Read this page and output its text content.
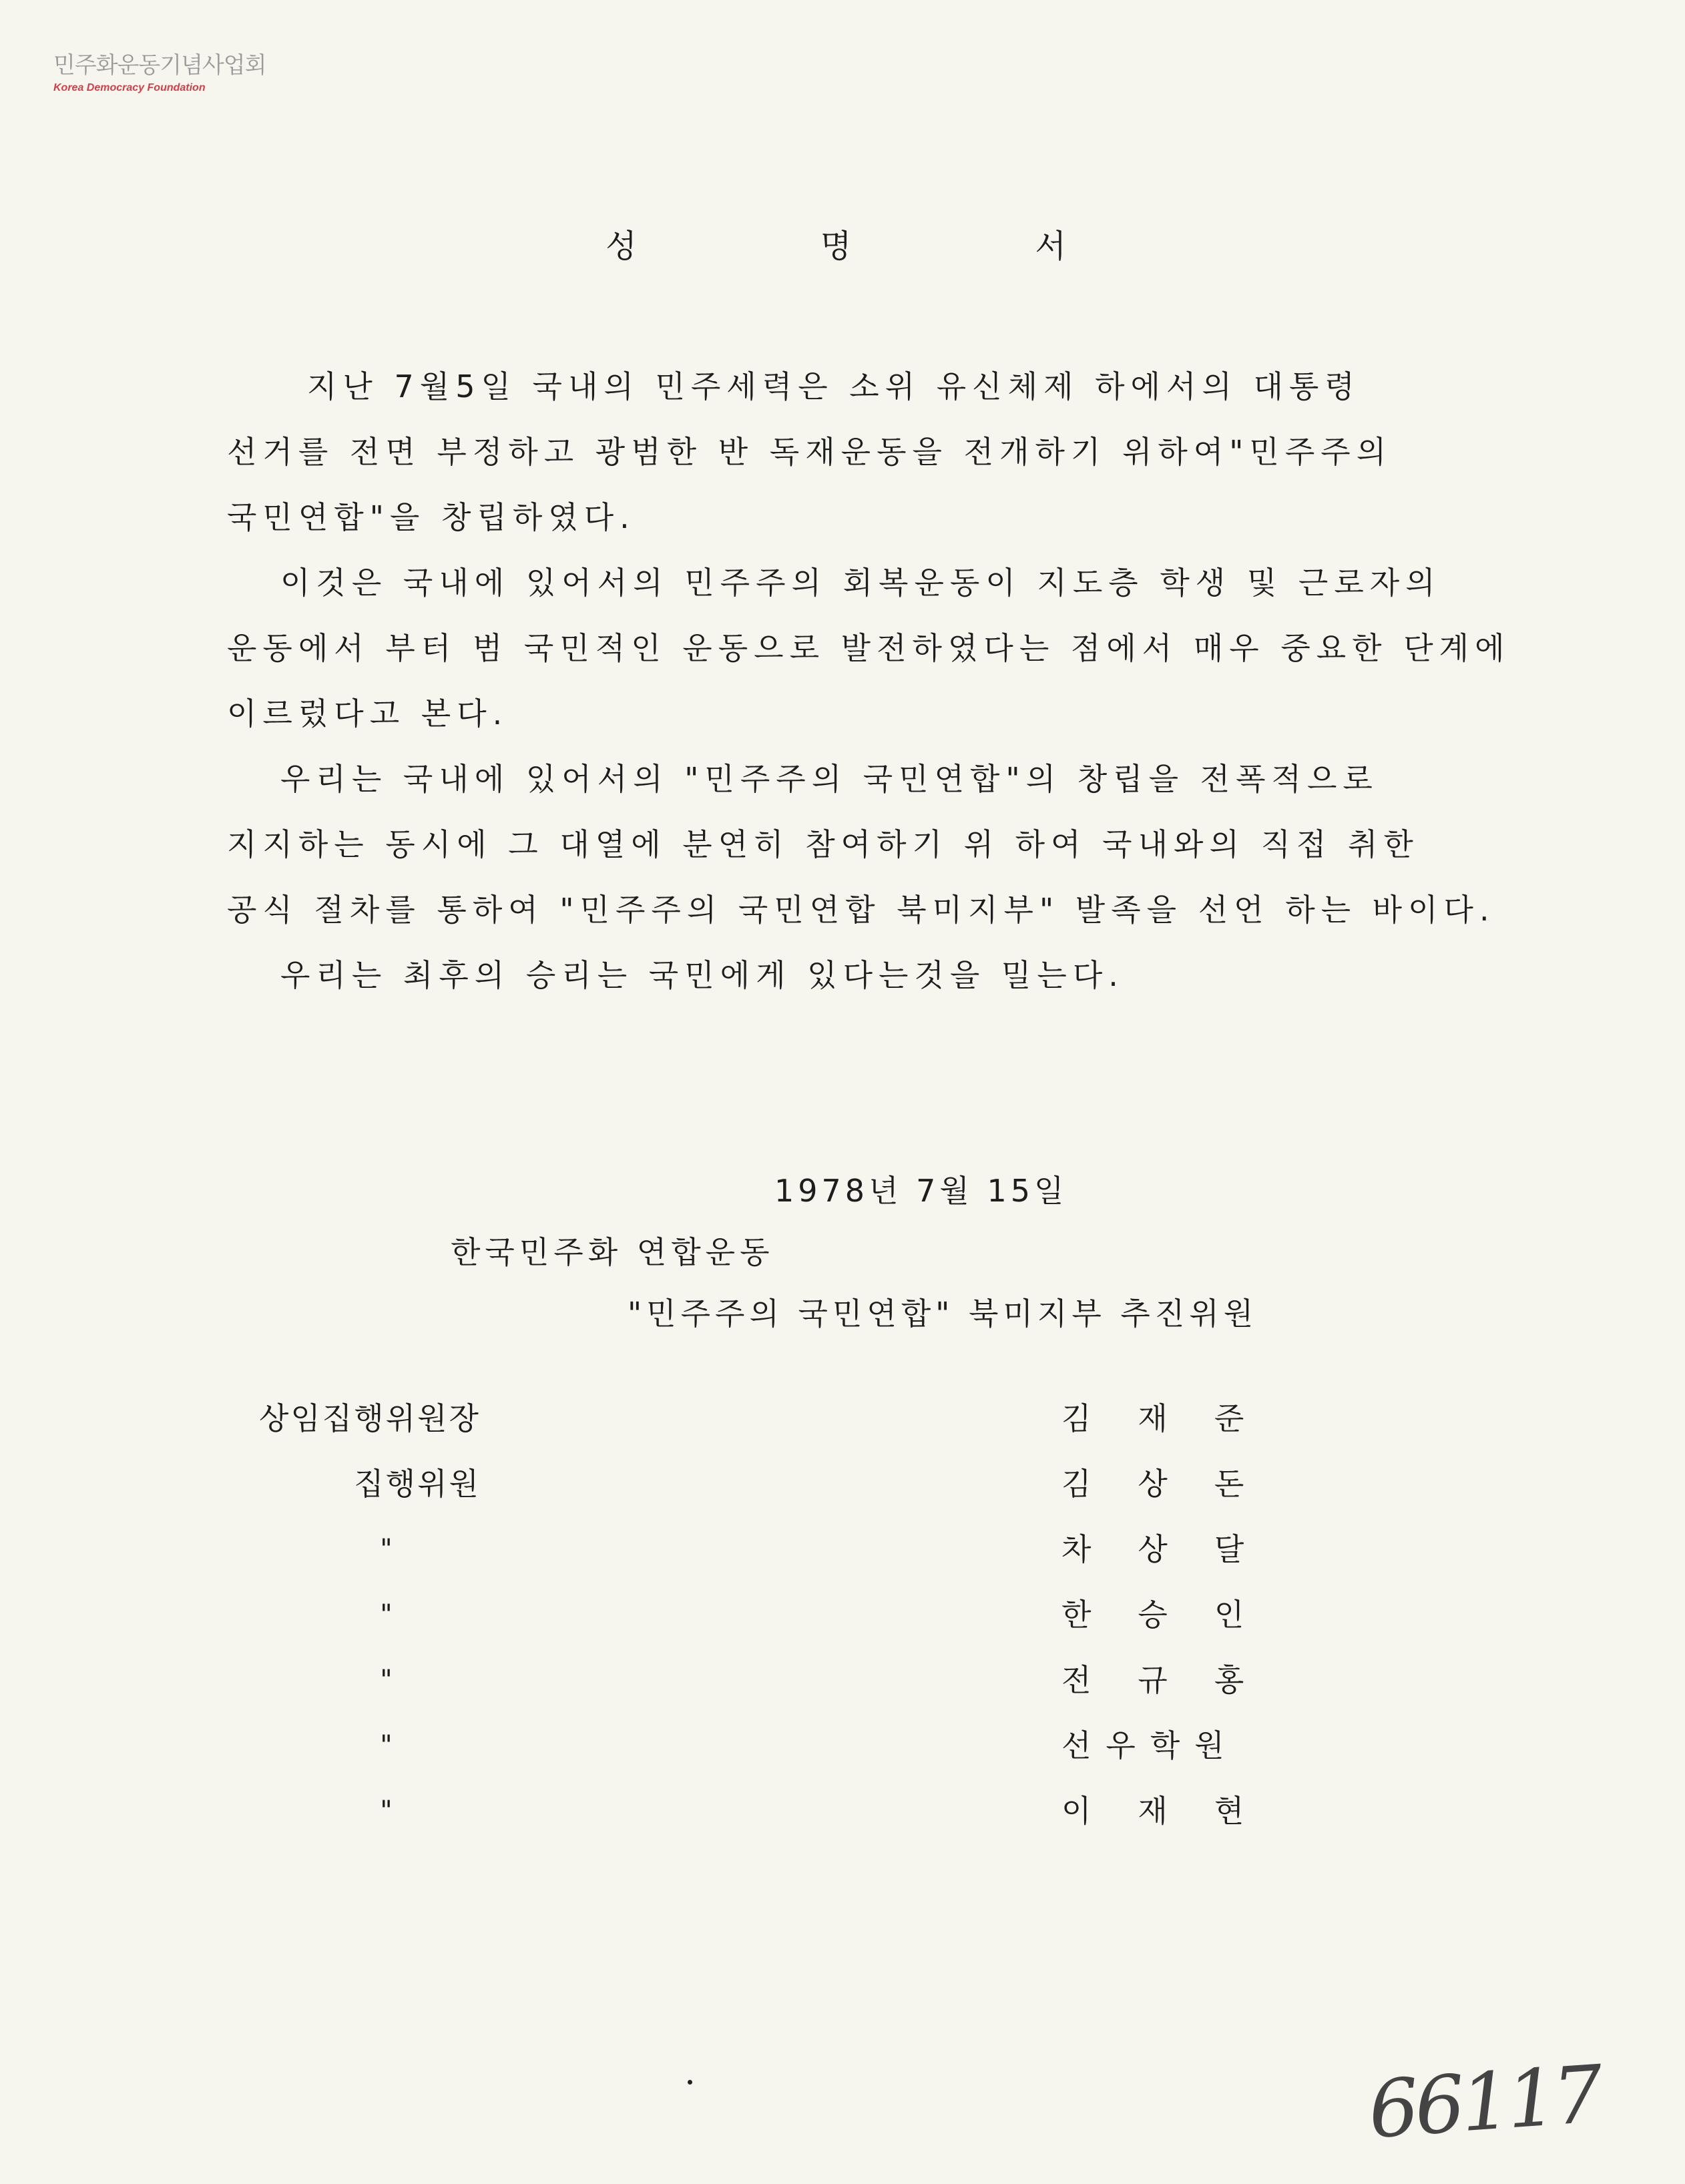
민주화운동기념사업회
Korea Democracy Foundation
성 명 서
지난 7월5일 국내의 민주세력은 소위 유신체제 하에서의 대통령
선거를 전면 부정하고 광범한 반 독재운동을 전개하기 위하여"민주주의
국민연합"을 창립하였다.
이것은 국내에 있어서의 민주주의 회복운동이 지도층 학생 및 근로자의
운동에서 부터 범 국민적인 운동으로 발전하였다는 점에서 매우 중요한 단계에
이르렀다고 본다.
우리는 국내에 있어서의 "민주주의 국민연합"의 창립을 전폭적으로
지지하는 동시에 그 대열에 분연히 참여하기 위 하여 국내와의 직접 취한
공식 절차를 통하여 "민주주의 국민연합 북미지부" 발족을 선언 하는 바이다.
우리는 최후의 승리는 국민에게 있다는것을 밀는다.
1978년 7월 15일
한국민주화 연합운동
"민주주의 국민연합" 북미지부 추진위원
상임집행위원장	김재준
집행위원	김상돈
"	차상달
"	한승인
"	전규홍
"	선우학원
"	이재현
66117
